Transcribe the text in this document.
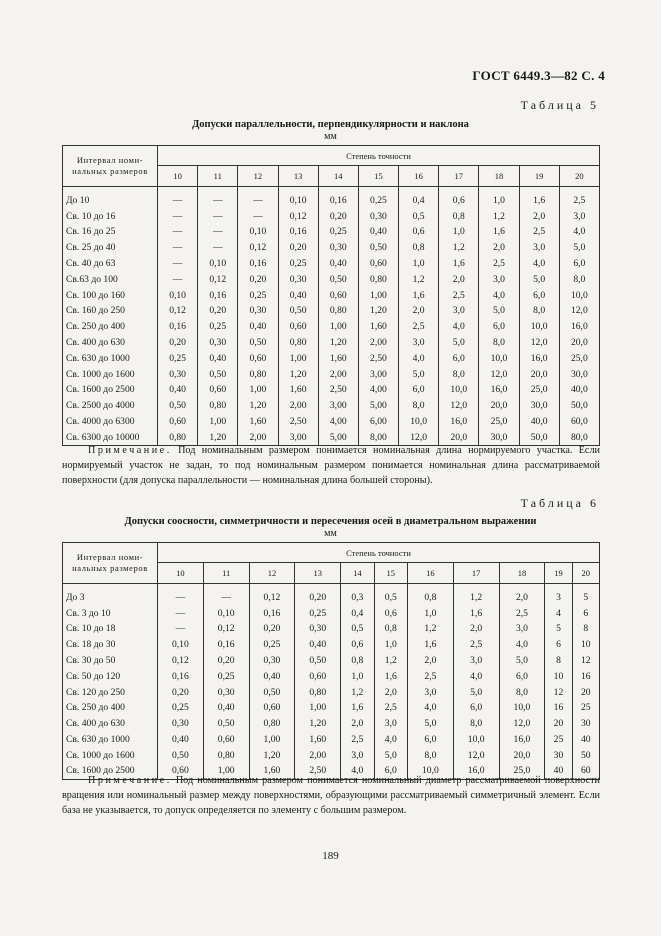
ГОСТ 6449.3—82 С. 4
Таблица 5
Допуски параллельности, перпендикулярности и наклона
мм
Интервал номи- нальных размеров	Степень точности										
	10	11	12	13	14	15	16	17	18	19	20
До 10	—	—	—	0,10	0,16	0,25	0,4	0,6	1,0	1,6	2,5
Св. 10 до 16	—	—	—	0,12	0,20	0,30	0,5	0,8	1,2	2,0	3,0
Св. 16 до 25	—	—	0,10	0,16	0,25	0,40	0,6	1,0	1,6	2,5	4,0
Св. 25 до 40	—	—	0,12	0,20	0,30	0,50	0,8	1,2	2,0	3,0	5,0
Св. 40 до 63	—	0,10	0,16	0,25	0,40	0,60	1,0	1,6	2,5	4,0	6,0
Св.63 до 100	—	0,12	0,20	0,30	0,50	0,80	1,2	2,0	3,0	5,0	8,0
Св. 100 до 160	0,10	0,16	0,25	0,40	0,60	1,00	1,6	2,5	4,0	6,0	10,0
Св. 160 до 250	0,12	0,20	0,30	0,50	0,80	1,20	2,0	3,0	5,0	8,0	12,0
Св. 250 до 400	0,16	0,25	0,40	0,60	1,00	1,60	2,5	4,0	6,0	10,0	16,0
Св. 400 до 630	0,20	0,30	0,50	0,80	1,20	2,00	3,0	5,0	8,0	12,0	20,0
Св. 630 до 1000	0,25	0,40	0,60	1,00	1,60	2,50	4,0	6,0	10,0	16,0	25,0
Св. 1000 до 1600	0,30	0,50	0,80	1,20	2,00	3,00	5,0	8,0	12,0	20,0	30,0
Св. 1600 до 2500	0,40	0,60	1,00	1,60	2,50	4,00	6,0	10,0	16,0	25,0	40,0
Св. 2500 до 4000	0,50	0,80	1,20	2,00	3,00	5,00	8,0	12,0	20,0	30,0	50,0
Св. 4000 до 6300	0,60	1,00	1,60	2,50	4,00	6,00	10,0	16,0	25,0	40,0	60,0
Св. 6300 до 10000	0,80	1,20	2,00	3,00	5,00	8,00	12,0	20,0	30,0	50,0	80,0
Примечание. Под номинальным размером понимается номинальная длина нормируемого участка. Если нормируемый участок не задан, то под номинальным размером понимается номинальная длина рассматриваемой поверхности (для допуска параллельности — номинальная длина большей стороны).
Таблица 6
Допуски соосности, симметричности и пересечения осей в диаметральном выражении
мм
Интервал номи- нальных размеров	Степень точности										
	10	11	12	13	14	15	16	17	18	19	20
До 3	—	—	0,12	0,20	0,3	0,5	0,8	1,2	2,0	3	5
Св. 3 до 10	—	0,10	0,16	0,25	0,4	0,6	1,0	1,6	2,5	4	6
Св. 10 до 18	—	0,12	0,20	0,30	0,5	0,8	1,2	2,0	3,0	5	8
Св. 18 до 30	0,10	0,16	0,25	0,40	0,6	1,0	1,6	2,5	4,0	6	10
Св. 30 до 50	0,12	0,20	0,30	0,50	0,8	1,2	2,0	3,0	5,0	8	12
Св. 50 до 120	0,16	0,25	0,40	0,60	1,0	1,6	2,5	4,0	6,0	10	16
Св. 120 до 250	0,20	0,30	0,50	0,80	1,2	2,0	3,0	5,0	8,0	12	20
Св. 250 до 400	0,25	0,40	0,60	1,00	1,6	2,5	4,0	6,0	10,0	16	25
Св. 400 до 630	0,30	0,50	0,80	1,20	2,0	3,0	5,0	8,0	12,0	20	30
Св. 630 до 1000	0,40	0,60	1,00	1,60	2,5	4,0	6,0	10,0	16,0	25	40
Св. 1000 до 1600	0,50	0,80	1,20	2,00	3,0	5,0	8,0	12,0	20,0	30	50
Св. 1600 до 2500	0,60	1,00	1,60	2,50	4,0	6,0	10,0	16,0	25,0	40	60
Примечание. Под номинальным размером понимается номинальный диаметр рассматриваемой поверхности вращения или номинальный размер между поверхностями, образующими рассматриваемый симметричный элемент. Если база не указывается, то допуск определяется по элементу с большим размером.
189
